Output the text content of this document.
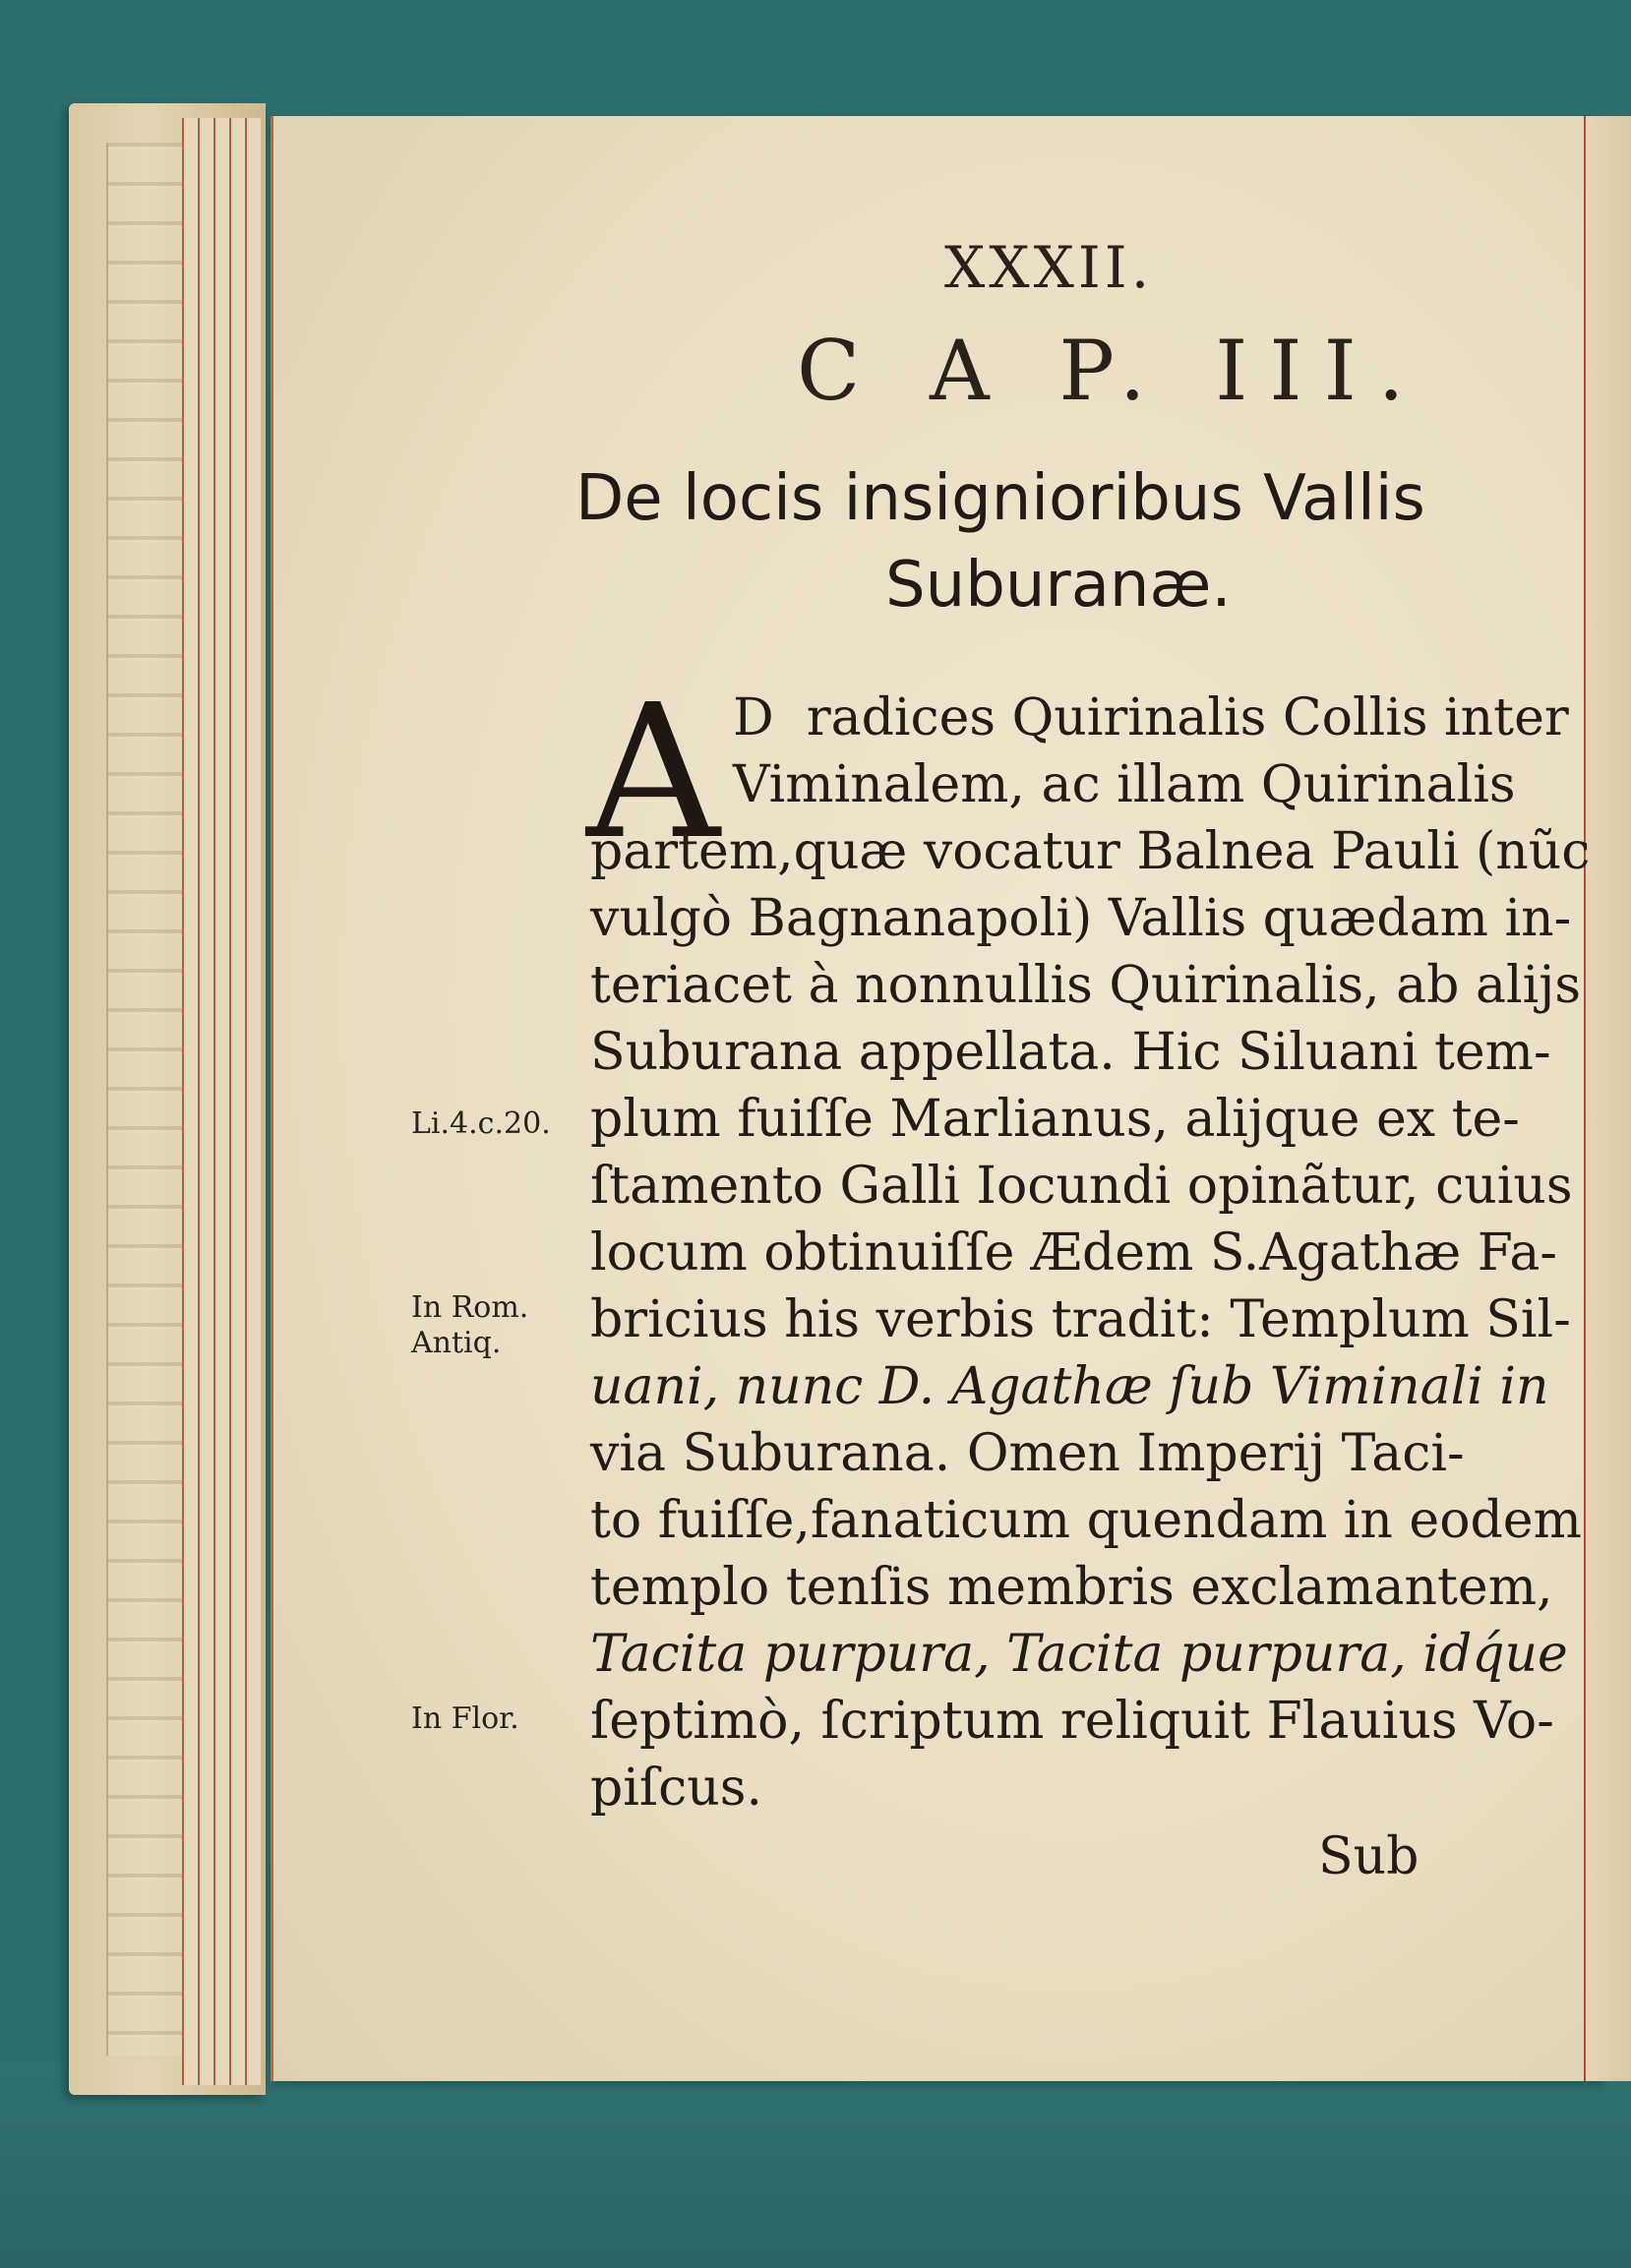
XXXII.
C A P. III.
De locis insignioribus Vallis
Suburanæ.
A D  radices Quirinalis Collis inter
Viminalem, ac illam Quirinalis
partem,quæ vocatur Balnea Pauli (nũc
vulgò Bagnanapoli) Vallis quædam in-
teriacet à nonnullis Quirinalis, ab alijs
Suburana appellata. Hic Siluani tem-
plum fuiſſe Marlianus, alijque ex te-
ſtamento Galli Iocundi opinãtur, cuius
locum obtinuiſſe Ædem S.Agathæ Fa-
bricius his verbis tradit: Templum Sil-
uani, nunc D. Agathæ ſub Viminali in
via Suburana. Omen Imperij Taci-
to fuiſſe,fanaticum quendam in eodem
templo tenſis membris exclamantem,
Tacita purpura, Tacita purpura, idq́ue
ſeptimò, ſcriptum reliquit Flauius Vo-
piſcus.
Li.4.c.20.
In Rom.
Antiq.
In Flor.
Sub
